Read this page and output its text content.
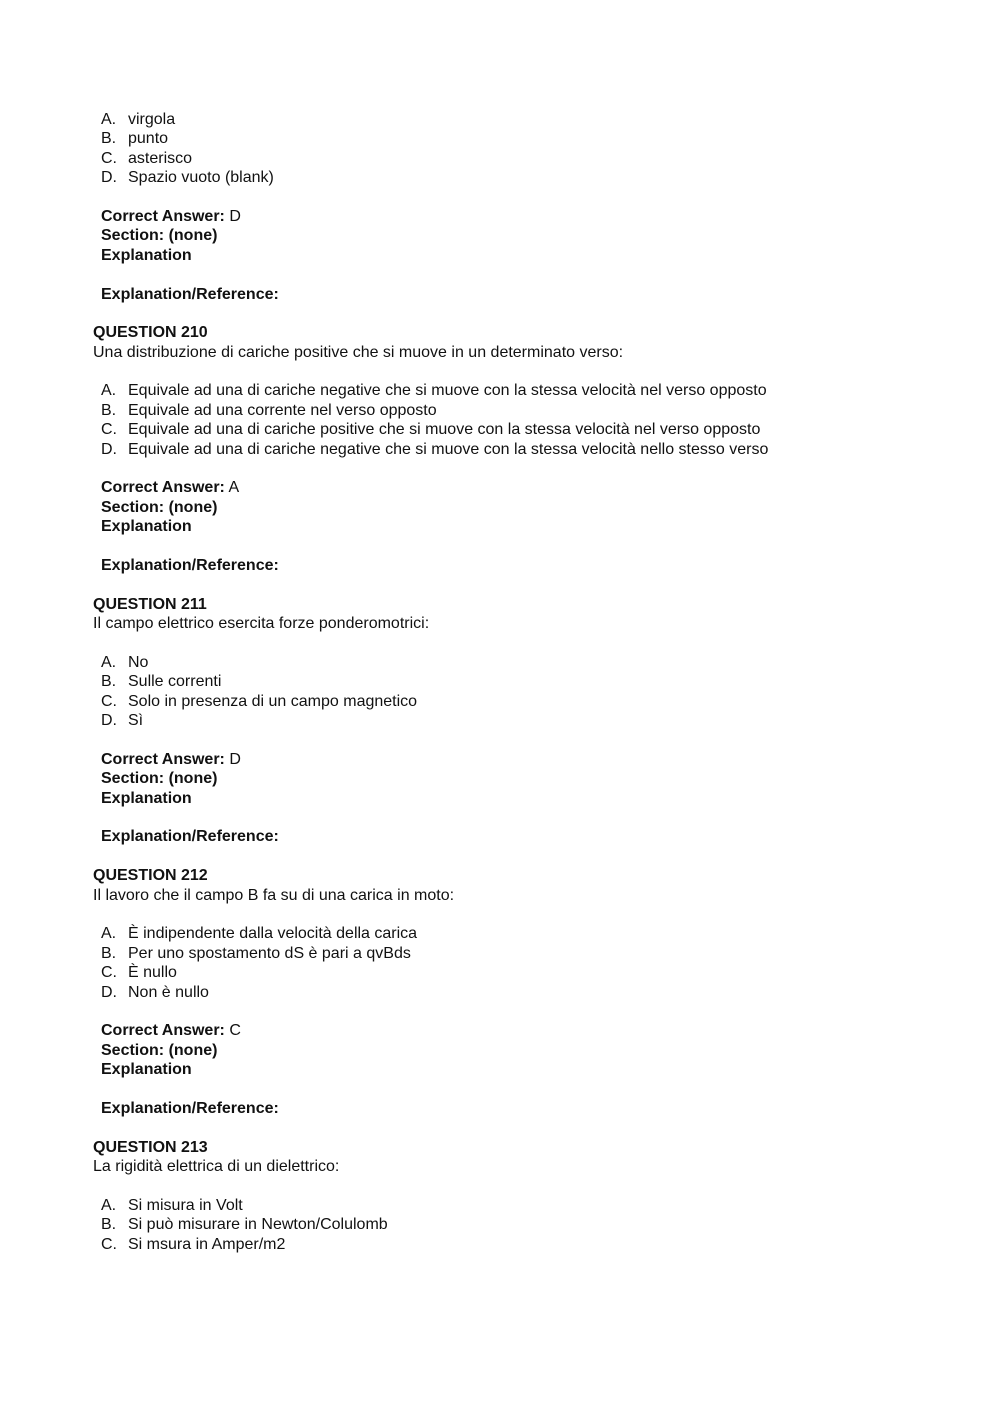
A. virgola
B. punto
C. asterisco
D. Spazio vuoto (blank)
Correct Answer: D
Section: (none)
Explanation
Explanation/Reference:
QUESTION 210
Una distribuzione di cariche positive che si muove in un determinato verso:
A. Equivale ad una di cariche negative che si muove con la stessa velocità nel verso opposto
B. Equivale ad una corrente nel verso opposto
C. Equivale ad una di cariche positive che si muove con la stessa velocità nel verso opposto
D. Equivale ad una di cariche negative che si muove con la stessa velocità nello stesso verso
Correct Answer: A
Section: (none)
Explanation
Explanation/Reference:
QUESTION 211
Il campo elettrico esercita forze ponderomotrici:
A. No
B. Sulle correnti
C. Solo in presenza di un campo magnetico
D. Sì
Correct Answer: D
Section: (none)
Explanation
Explanation/Reference:
QUESTION 212
Il lavoro che il campo B fa su di una carica in moto:
A. È indipendente dalla velocità della carica
B. Per uno spostamento dS è pari a qvBds
C. È nullo
D. Non è nullo
Correct Answer: C
Section: (none)
Explanation
Explanation/Reference:
QUESTION 213
La rigidità elettrica di un dielettrico:
A. Si misura in Volt
B. Si può misurare in Newton/Colulomb
C. Si msura in Amper/m2
